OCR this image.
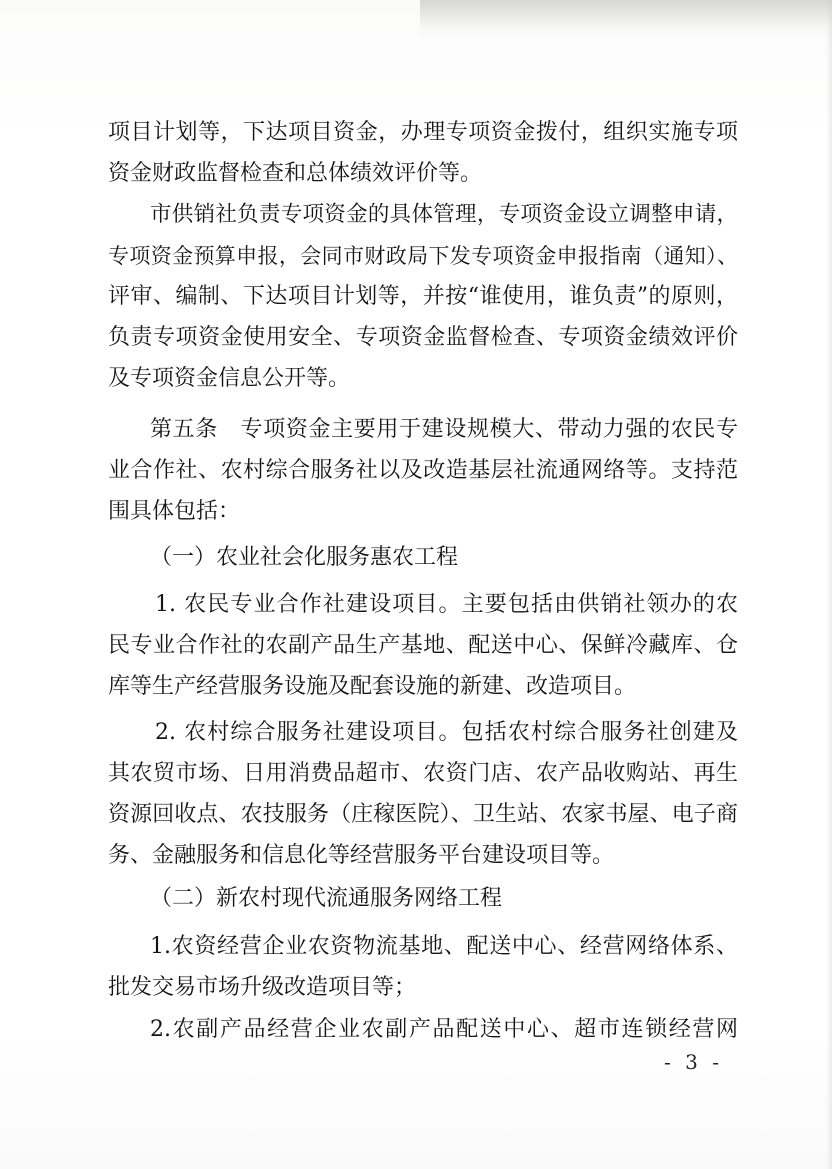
项目计划等，下达项目资金，办理专项资金拨付，组织实施专项
资金财政监督检查和总体绩效评价等。
市供销社负责专项资金的具体管理，专项资金设立调整申请，
专项资金预算申报，会同市财政局下发专项资金申报指南（通知）、
评审、编制、下达项目计划等，并按“谁使用，谁负责”的原则，
负责专项资金使用安全、专项资金监督检查、专项资金绩效评价
及专项资金信息公开等。
第五条　专项资金主要用于建设规模大、带动力强的农民专
业合作社、农村综合服务社以及改造基层社流通网络等。支持范
围具体包括：
（一）农业社会化服务惠农工程
1. 农民专业合作社建设项目。主要包括由供销社领办的农
民专业合作社的农副产品生产基地、配送中心、保鲜冷藏库、仓
库等生产经营服务设施及配套设施的新建、改造项目。
2. 农村综合服务社建设项目。包括农村综合服务社创建及
其农贸市场、日用消费品超市、农资门店、农产品收购站、再生
资源回收点、农技服务（庄稼医院）、卫生站、农家书屋、电子商
务、金融服务和信息化等经营服务平台建设项目等。
（二）新农村现代流通服务网络工程
1.农资经营企业农资物流基地、配送中心、经营网络体系、
批发交易市场升级改造项目等；
2.农副产品经营企业农副产品配送中心、超市连锁经营网
- 3 -
